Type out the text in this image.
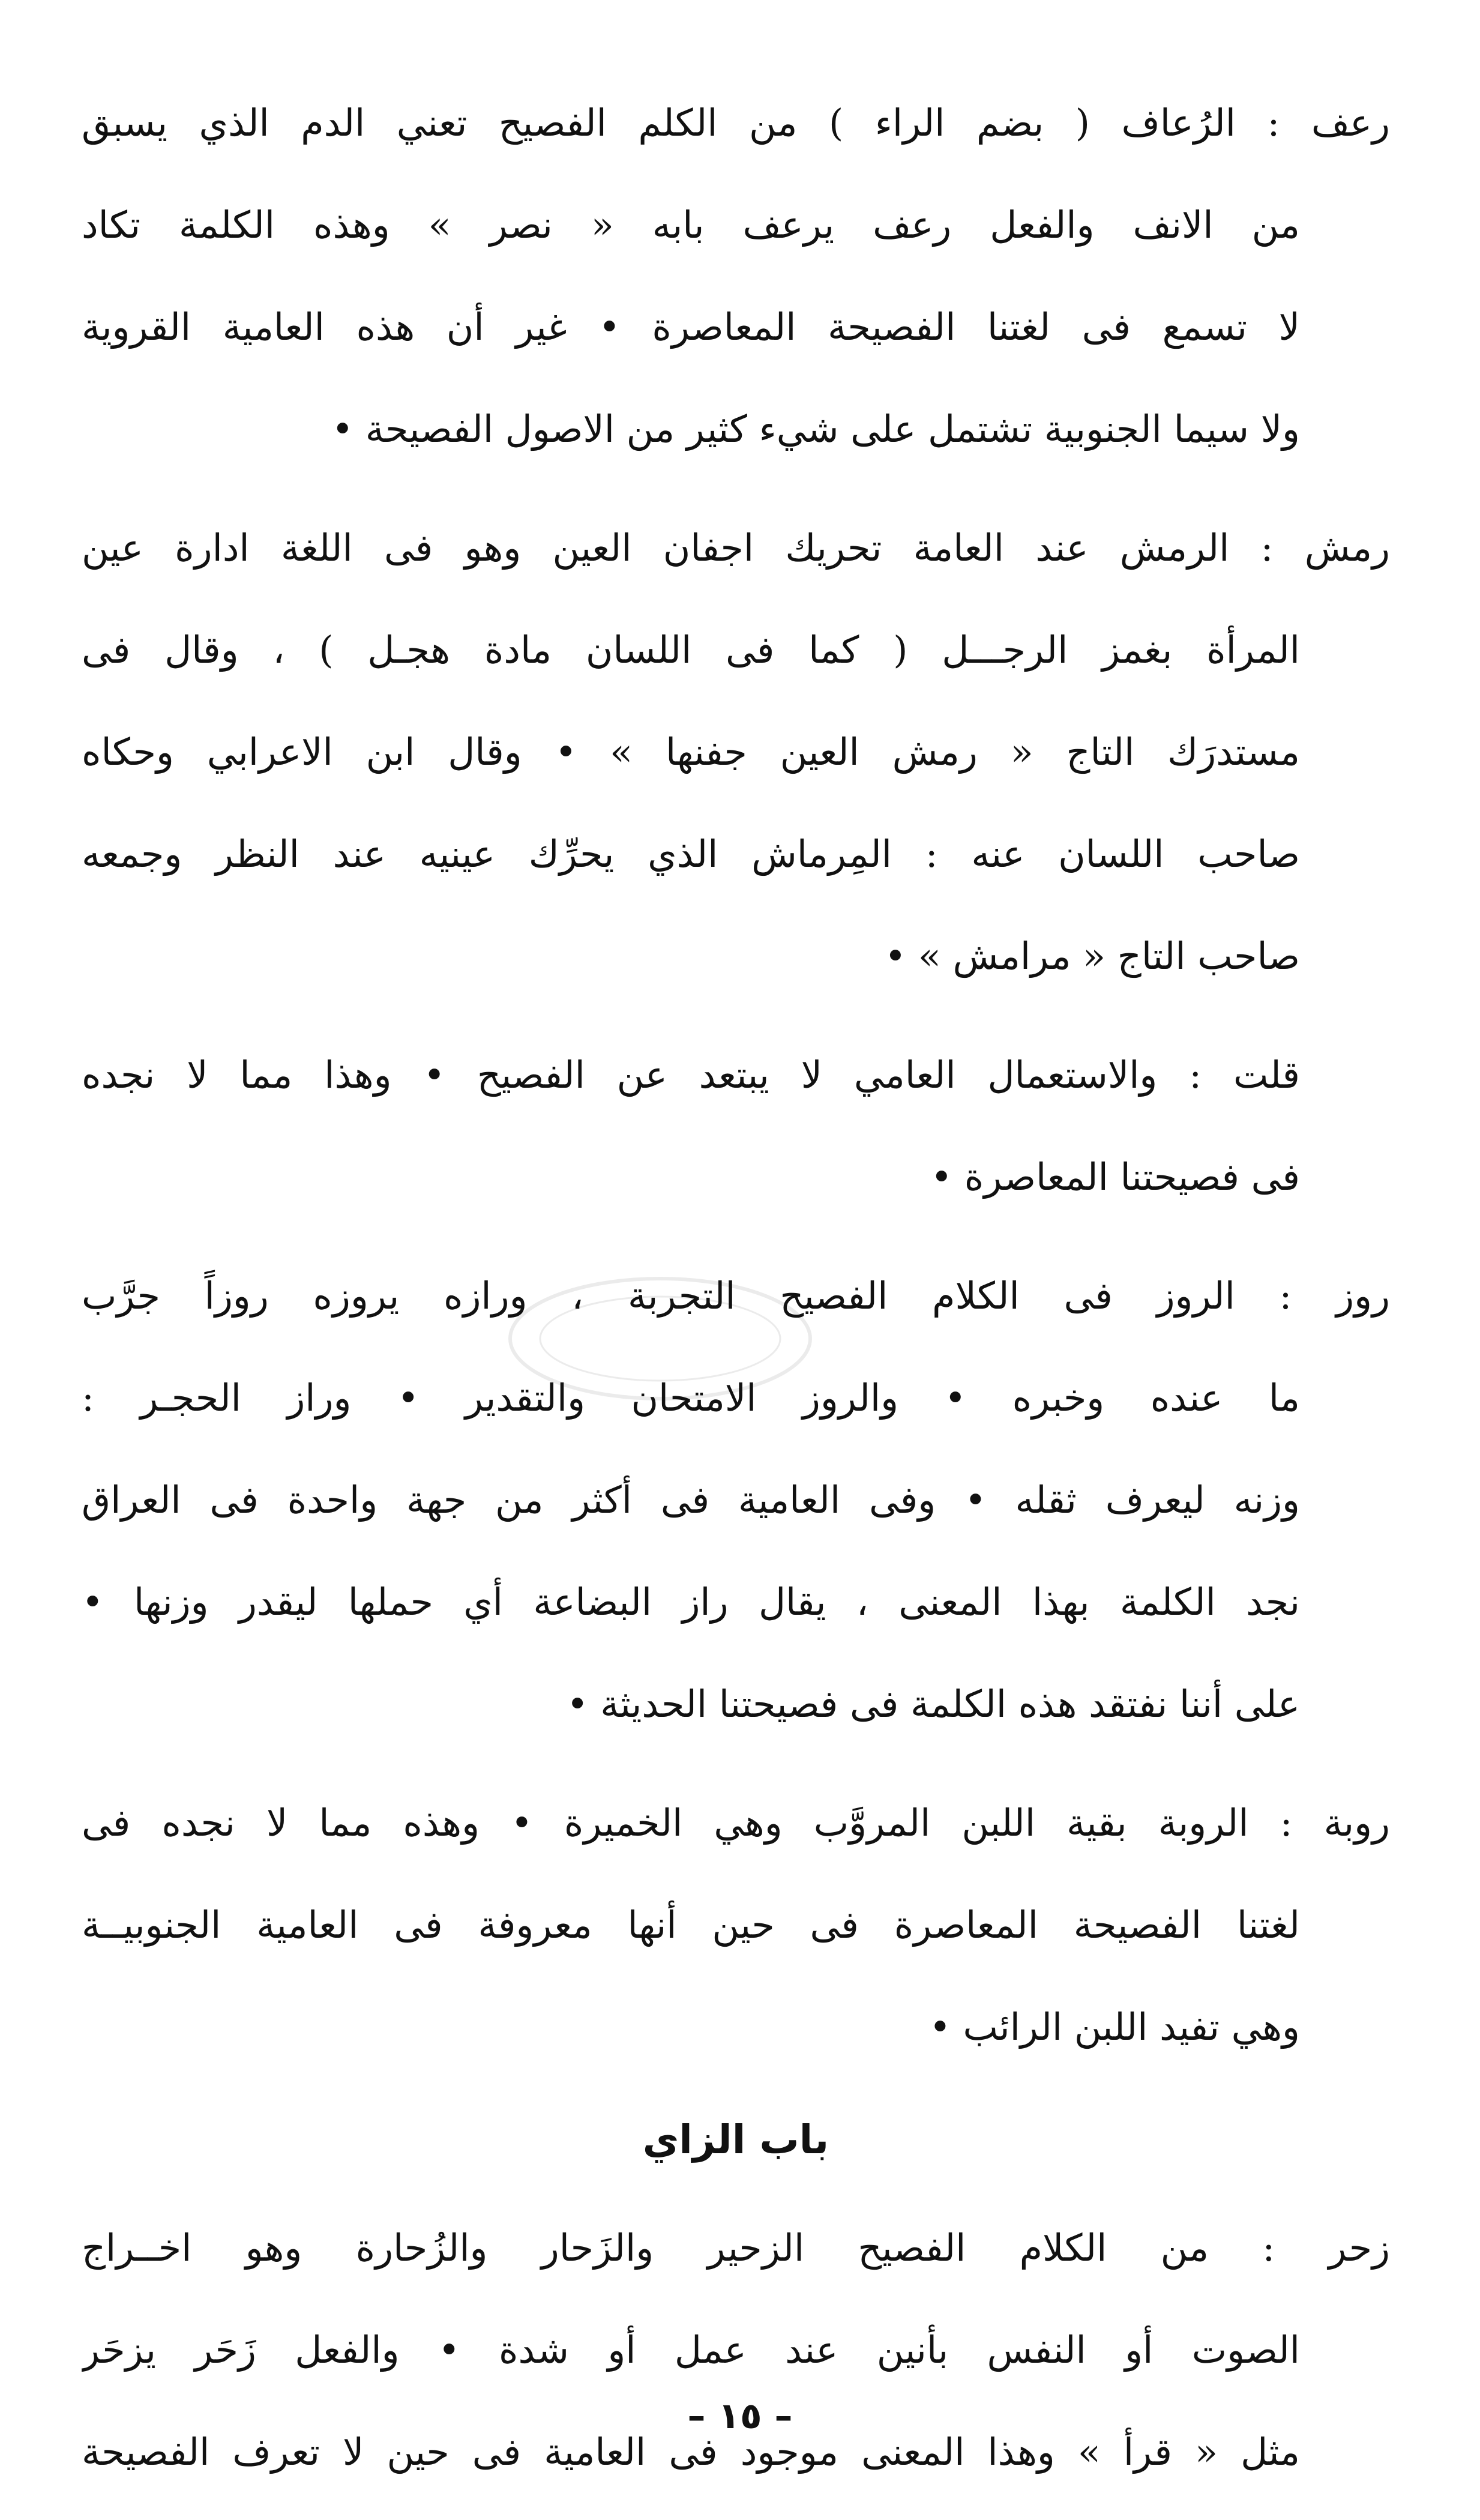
رعف : الرُعاف ( بضم الراء ) من الكلم الفصيح تعني الدم الذي يسبق
من الانف والفعل رعف يرعف بابه « نصر » وهذه الكلمة تكاد
لا تسمع فى لغتنا الفصيحة المعاصرة • غير أن هذه العامية القروية
ولا سيما الجنوبية تشتمل على شيء كثير من الاصول الفصيحة •
رمش : الرمش عند العامة تحريك اجفان العين وهو فى اللغة ادارة عين
المرأة بغمز الرجـــل ( كما فى اللسان مادة هجـل ) ، وقال فى
مستدرَك التاج « رمش العين جفنها » • وقال ابن الاعرابي وحكاه
صاحب اللسان عنه : المِرماش الذي يحرِّك عينيه عند النظر وجمعه
صاحب التاج « مرامش » •
قلت : والاستعمال العامي لا يبتعد عن الفصيح • وهذا مما لا نجده
فى فصيحتنا المعاصرة •
روز : الروز فى الكلام الفصيح التجربة ، ورازه يروزه روزاً جرَّب
ما عنده وخبره • والروز الامتحان والتقدير • وراز الحجـر :
وزنه ليعرف ثقله • وفى العامية فى أكثر من جهة واحدة فى العراق
نجد الكلمة بهذا المعنى ، يقال راز البضاعة أي حملها ليقدر وزنها •
على أننا نفتقد هذه الكلمة فى فصيحتنا الحديثة •
روبة : الروبة بقية اللبن المروَّب وهي الخميرة • وهذه مما لا نجده فى
لغتنا الفصيحة المعاصرة فى حين أنها معروفة فى العامية الجنوبيــة
وهي تفيد اللبن الرائب •
باب الزاي
زحر : من الكلام الفصيح الزحير والزَحار والزُحارة وهو اخــراج
الصوت أو النفس بأنين عند عمل أو شدة • والفعل زَحَر يزحَر
مثل « قرأ » وهذا المعنى موجود فى العامية فى حين لا تعرف الفصيحة
– ١٥ –
